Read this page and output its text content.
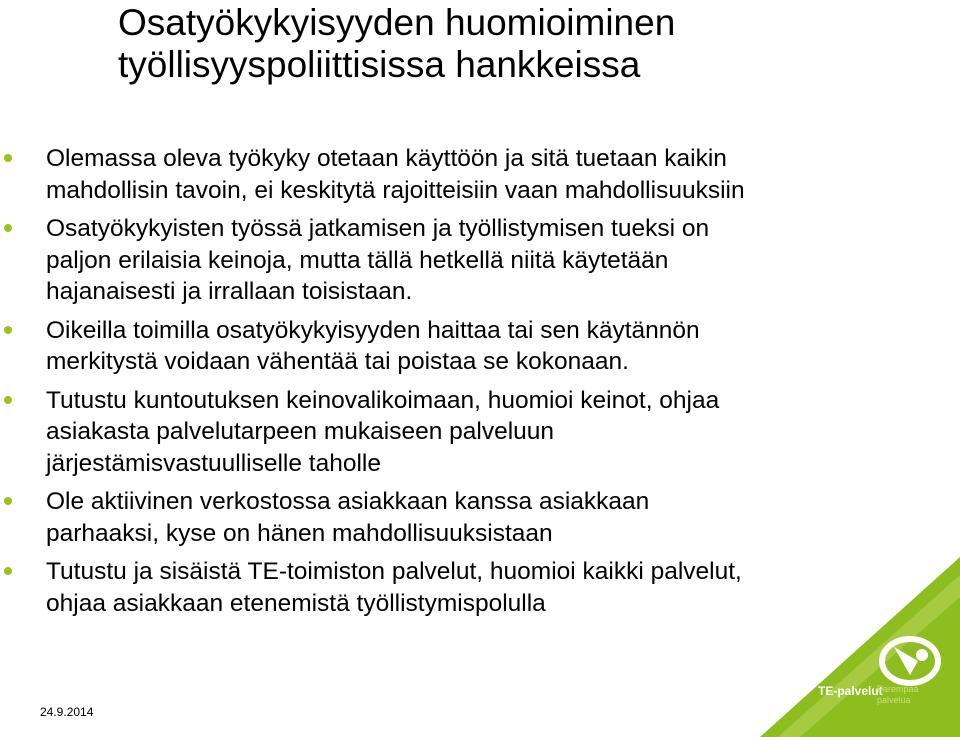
Osatyökykyisyyden huomioiminen
työllisyyspoliittisissa hankkeissa
Olemassa oleva työkyky otetaan käyttöön ja sitä tuetaan kaikin
mahdollisin tavoin, ei keskitytä rajoitteisiin vaan mahdollisuuksiin
Osatyökykyisten työssä jatkamisen ja työllistymisen tueksi on
paljon erilaisia keinoja, mutta tällä hetkellä niitä käytetään
hajanaisesti ja irrallaan toisistaan.
Oikeilla toimilla osatyökykyisyyden haittaa tai sen käytännön
merkitystä voidaan vähentää tai poistaa se kokonaan.
Tutustu kuntoutuksen keinovalikoimaan, huomioi keinot, ohjaa
asiakasta palvelutarpeen mukaiseen palveluun
järjestämisvastuulliselle taholle
Ole aktiivinen verkostossa asiakkaan kanssa asiakkaan
parhaaksi, kyse on hänen mahdollisuuksistaan
Tutustu ja sisäistä TE-toimiston palvelut, huomioi kaikki palvelut,
ohjaa asiakkaan etenemistä työllistymispolulla
24.9.2014
TE-palvelut
Parempaa
palvelua
